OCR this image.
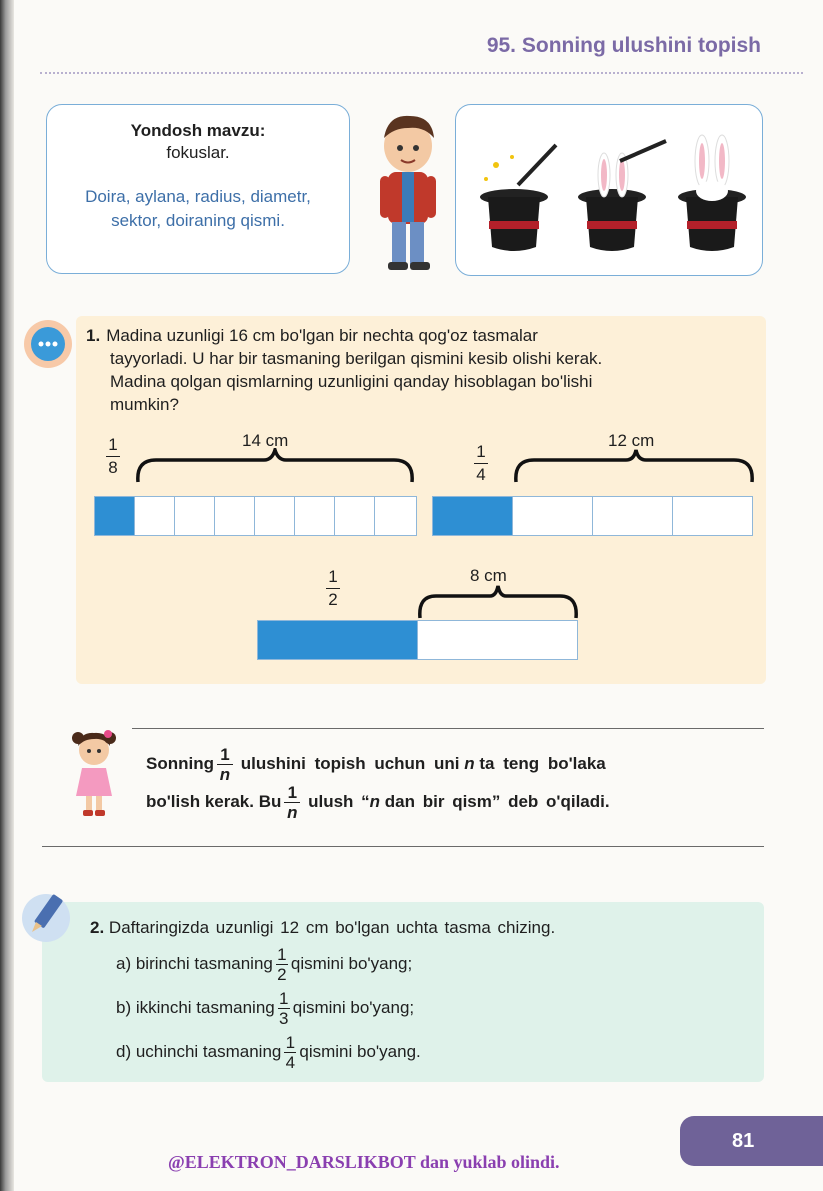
95. Sonning ulushini topish
Yondosh mavzu:
fokuslar.
Doira, aylana, radius, diametr,
sektor, doiraning qismi.
1. Madina uzunligi 16 cm bo'lgan bir nechta qog'oz tasmalar
tayyorladi. U har bir tasmaning berilgan qismini kesib olishi kerak.
Madina qolgan qismlarning uzunligini qanday hisoblagan bo'lishi
mumkin?
1
8
14 cm
1
4
12 cm
1
2
8 cm
Sonning $\frac{1}{n}$ ulushini topish uchun uni n ta teng bo'laka
bo'lish kerak. Bu $\frac{1}{n}$ ulush “n dan bir qism” deb o'qiladi.
2. Daftaringizda uzunligi 12 cm bo'lgan uchta tasma chizing.
a) birinchi tasmaning $\frac{1}{2}$ qismini bo'yang;
b) ikkinchi tasmaning $\frac{1}{3}$ qismini bo'yang;
d) uchinchi tasmaning $\frac{1}{4}$ qismini bo'yang.
81
@ELEKTRON_DARSLIKBOT dan yuklab olindi.
